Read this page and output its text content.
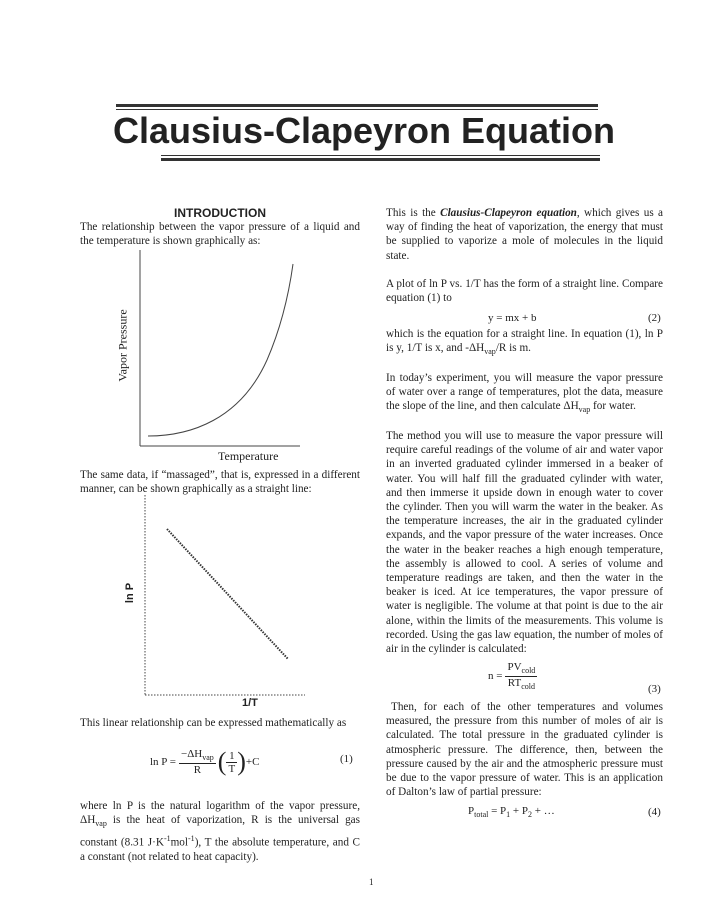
Clausius-Clapeyron Equation
INTRODUCTION
The relationship between the vapor pressure of a liquid and the temperature is shown graphically as:
Vapor Pressure
Temperature
The same data, if “massaged”, that is, expressed in a different manner, can be shown graphically as a straight line:
ln P
1/T
This linear relationship can be expressed mathematically as
$\ln P = \frac{-\Delta H_{vap}}{R}$ ( $\frac{1}{T}$ ) +C	(1)
where ln P is the natural logarithm of the vapor pressure, $\Delta H_{vap}$ is the heat of vaporization, R is the universal gas constant (8.31 $J\cdot K^{-1}mol^{-1}$), T the absolute temperature, and C a constant (not related to heat capacity).
This is the Clausius-Clapeyron equation, which gives us a way of finding the heat of vaporization, the energy that must be supplied to vaporize a mole of molecules in the liquid state.
A plot of ln P vs. 1/T has the form of a straight line. Compare equation (1) to
y = mx + b	(2)
which is the equation for a straight line. In equation (1), ln P is y, 1/T is x, and $-\Delta H_{vap}/R$ is m.
In today’s experiment, you will measure the vapor pressure of water over a range of temperatures, plot the data, measure the slope of the line, and then calculate $\Delta H_{vap}$ for water.
The method you will use to measure the vapor pressure will require careful readings of the volume of air and water vapor in an inverted graduated cylinder immersed in a beaker of water. You will half fill the graduated cylinder with water, and then immerse it upside down in enough water to cover the cylinder. Then you will warm the water in the beaker. As the temperature increases, the air in the graduated cylinder expands, and the vapor pressure of the water increases. Once the water in the beaker reaches a high enough temperature, the assembly is allowed to cool. A series of volume and temperature readings are taken, and then the water in the beaker is iced. At ice temperatures, the vapor pressure of water is negligible. The volume at that point is due to the air alone, within the limits of the measurements. This volume is recorded. Using the gas law equation, the number of moles of air in the cylinder is calculated:
$n = \frac{PV_{cold}}{RT_{cold}}$	(3)
Then, for each of the other temperatures and volumes measured, the pressure from this number of moles of air is calculated. The total pressure in the graduated cylinder is atmospheric pressure. The difference, then, between the pressure caused by the air and the atmospheric pressure must be due to the vapor pressure of water. This is an application of Dalton’s law of partial pressure:
$P_{total} = P_1 + P_2$ + …	(4)
1
